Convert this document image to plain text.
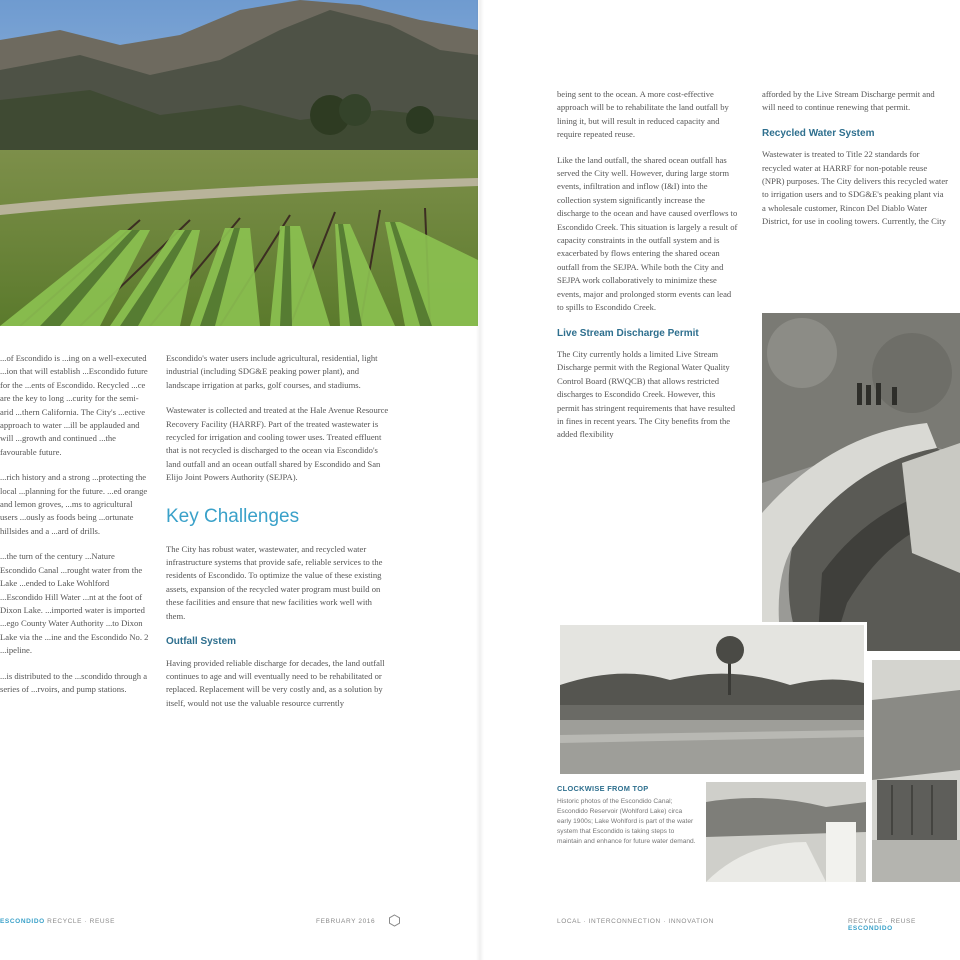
...of Escondido is ...ing on a well-executed ...ion that will establish ...Escondido future for the ...ents of Escondido. Recycled ...ce are the key to long ...curity for the semi-arid ...thern California. The City's ...ective approach to water ...ill be applauded and will ...growth and continued ...the favourable future.

...rich history and a strong ...protecting the local ...planning for the future. ...ed orange and lemon groves, ...ms to agricultural users ...ously as foods being ...ortunate hillsides and a ...ard of drills.

...the turn of the century ...Nature Escondido Canal ...rought water from the Lake ...ended to Lake Wohlford ...Escondido Hill Water ...nt at the foot of Dixon Lake. ...imported water is imported ...ego County Water Authority ...to Dixon Lake via the ...ine and the Escondido No. 2 ...ipeline.

...is distributed to the ...scondido through a series of ...rvoirs, and pump stations.

Escondido's water users include agricultural, residential, light industrial (including SDG&E peaking power plant), and landscape irrigation at parks, golf courses, and stadiums.

Wastewater is collected and treated at the Hale Avenue Resource Recovery Facility (HARRF). Part of the treated wastewater is recycled for irrigation and cooling tower uses. Treated effluent that is not recycled is discharged to the ocean via Escondido's land outfall and an ocean outfall shared by Escondido and San Elijo Joint Powers Authority (SEJPA).

Key Challenges

The City has robust water, wastewater, and recycled water infrastructure systems that provide safe, reliable services to the residents of Escondido. To optimize the value of these existing assets, expansion of the recycled water program must build on these facilities and ensure that new facilities work well with them.

Outfall System

Having provided reliable discharge for decades, the land outfall continues to age and will eventually need to be rehabilitated or replaced. Replacement will be very costly and, as a solution by itself, would not use the valuable resource currently

ESCONDIDO RECYCLE · REUSE	FEBRUARY 2016

being sent to the ocean. A more cost-effective approach will be to rehabilitate the land outfall by lining it, but will result in reduced capacity and require repeated reuse.

Like the land outfall, the shared ocean outfall has served the City well. However, during large storm events, infiltration and inflow (I&I) into the collection system significantly increase the discharge to the ocean and have caused overflows to Escondido Creek. This situation is largely a result of capacity constraints in the outfall system and is exacerbated by flows entering the shared ocean outfall from the SEJPA. While both the City and SEJPA work collaboratively to minimize these events, major and prolonged storm events can lead to spills to Escondido Creek.

Live Stream Discharge Permit

The City currently holds a limited Live Stream Discharge permit with the Regional Water Quality Control Board (RWQCB) that allows restricted discharges to Escondido Creek. However, this permit has stringent requirements that have resulted in fines in recent years. The City benefits from the added flexibility

afforded by the Live Stream Discharge permit and will need to continue renewing that permit.

Recycled Water System

Wastewater is treated to Title 22 standards for recycled water at HARRF for non-potable reuse (NPR) purposes. The City delivers this recycled water to irrigation users and to SDG&E's peaking plant via a wholesale customer, Rincon Del Diablo Water District, for use in cooling towers. Currently, the City

CLOCKWISE FROM TOP
Historic photos of the Escondido Canal; Escondido Reservoir (Wohlford Lake) circa early 1900s; Lake Wohlford is part of the water system that Escondido is taking steps to maintain and enhance for future water demand.
LOCAL · INTERCONNECTION · INNOVATION	RECYCLE · REUSE ESCONDIDO
